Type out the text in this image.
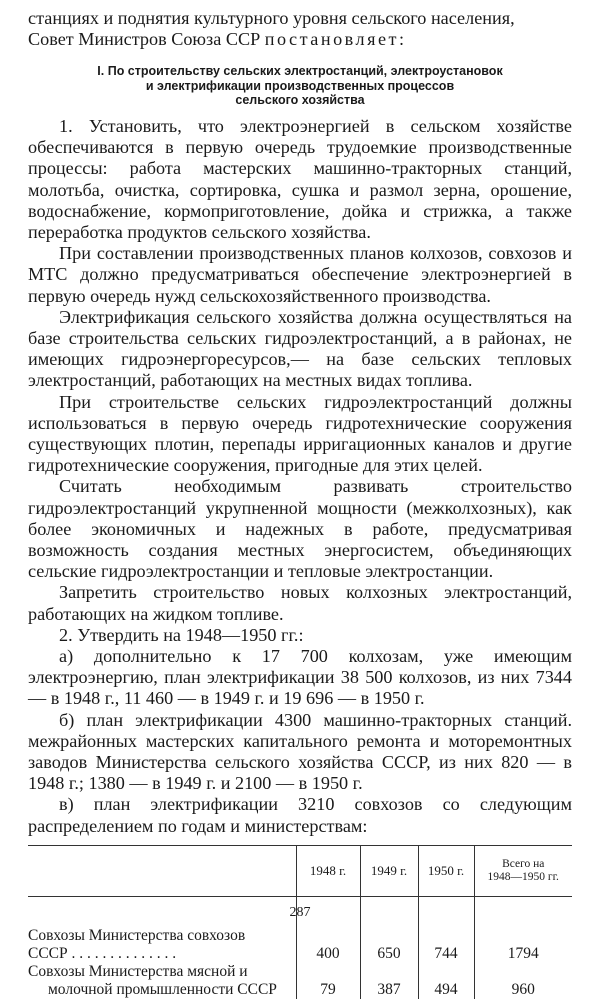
станциях и поднятия культурного уровня сельского населения,

Совет Министров Союза ССР постановляет:

I. По строительству сельских электростанций, электроустановок
и электрификации производственных процессов
сельского хозяйства

1. Установить, что электроэнергией в сельском хозяйстве обеспечиваются в первую очередь трудоемкие производственные процессы: работа мастерских машинно-тракторных станций, молотьба, очистка, сортировка, сушка и размол зерна, орошение, водоснабжение, кормоприготовление, дойка и стрижка, а также переработка продуктов сельского хозяйства.

При составлении производственных планов колхозов, совхозов и МТС должно предусматриваться обеспечение электроэнергией в первую очередь нужд сельскохозяйственного производства.

Электрификация сельского хозяйства должна осуществляться на базе строительства сельских гидроэлектростанций, а в районах, не имеющих гидроэнергоресурсов,— на базе сельских тепловых электростанций, работающих на местных видах топлива.

При строительстве сельских гидроэлектростанций должны использоваться в первую очередь гидротехнические сооружения существующих плотин, перепады ирригационных каналов и другие гидротехнические сооружения, пригодные для этих целей.

Считать необходимым развивать строительство гидроэлектростанций укрупненной мощности (межколхозных), как более экономичных и надежных в работе, предусматривая возможность создания местных энергосистем, объединяющих сельские гидроэлектростанции и тепловые электростанции.

Запретить строительство новых колхозных электростанций, работающих на жидком топливе.

2. Утвердить на 1948—1950 гг.:

а) дополнительно к 17 700 колхозам, уже имеющим электроэнергию, план электрификации 38 500 колхозов, из них 7344 — в 1948 г., 11 460 — в 1949 г. и 19 696 — в 1950 г.

б) план электрификации 4300 машинно-тракторных станций. межрайонных мастерских капитального ремонта и моторемонтных заводов Министерства сельского хозяйства СССР, из них 820 — в 1948 г.; 1380 — в 1949 г. и 2100 — в 1950 г.

в) план электрификации 3210 совхозов со следующим распределением по годам и министерствам:

	1948 г.	1949 г.	1950 г.	Всего на
1948—1950 гг.

Совхозы Министерства совхозов
СССР . . . . . . . . . . . . . .	400	650	744	1794
Совхозы Министерства мясной и
молочной промышленности СССР	79	387	494	960
287
